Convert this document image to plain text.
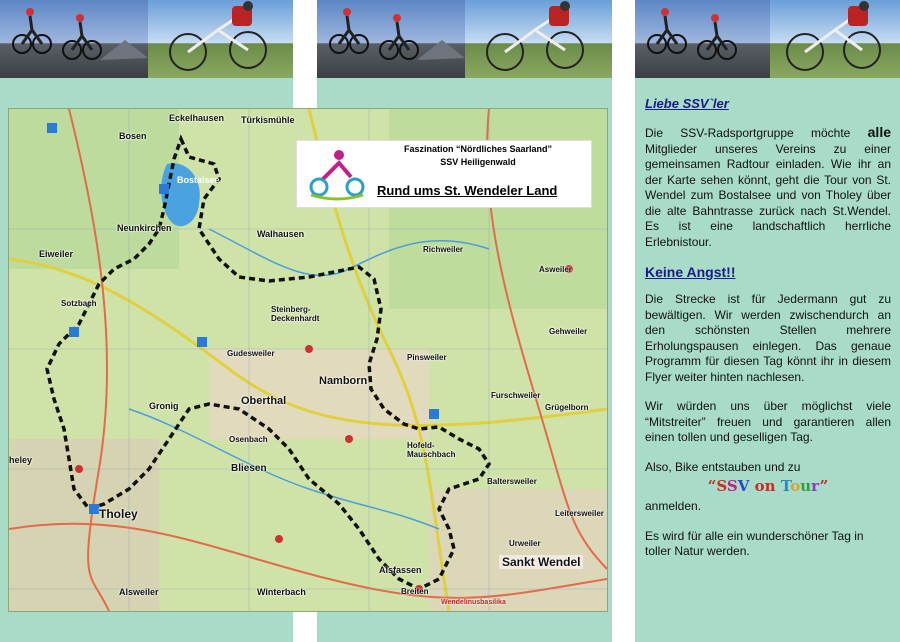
Bosen
Eckelhausen Türkismühle
Bostalsee
Neunkirchen
Eiweiler
Sotzbach
Walhausen
Steinberg-
Deckenhardt
Gudesweiler
Namborn
Oberthal
Gronig
Osenbach
Bliesen
Tholey
heley
Hofeld-
Mauschbach
Baltersweiler
Sankt Wendel
Alsweiler	Winterbach
Urweiler
Leitersweiler
Gehweiler
Furschweiler
Asweiler
Richweiler
Grügelborn
Pinsweiler
Alsfassen
Breiten
Wendelinusbasilika
Faszination “Nördliches Saarland”
SSV Heiligenwald
Rund ums St. Wendeler Land
Liebe SSV`ler

Die SSV-Radsportgruppe möchte alle Mitglieder unseres Vereins zu einer gemeinsamen Radtour einladen. Wie ihr an der Karte sehen könnt, geht die Tour von St. Wendel zum Bostalsee und von Tholey über die alte Bahntrasse zurück nach St.Wendel. Es ist eine landschaftlich herrliche Erlebnistour.

Keine Angst!!

Die Strecke ist für Jedermann gut zu bewältigen. Wir werden zwischendurch an den schönsten Stellen mehrere Erholungspausen einlegen. Das genaue Programm für diesen Tag könnt ihr in diesem Flyer weiter hinten nachlesen.

Wir würden uns über möglichst viele “Mitstreiter” freuen und garantieren allen einen tollen und geselligen Tag.

Also, Bike entstauben und zu

“SSV on Tour”

anmelden.

Es wird für alle ein wunderschöner Tag in toller Natur werden.
